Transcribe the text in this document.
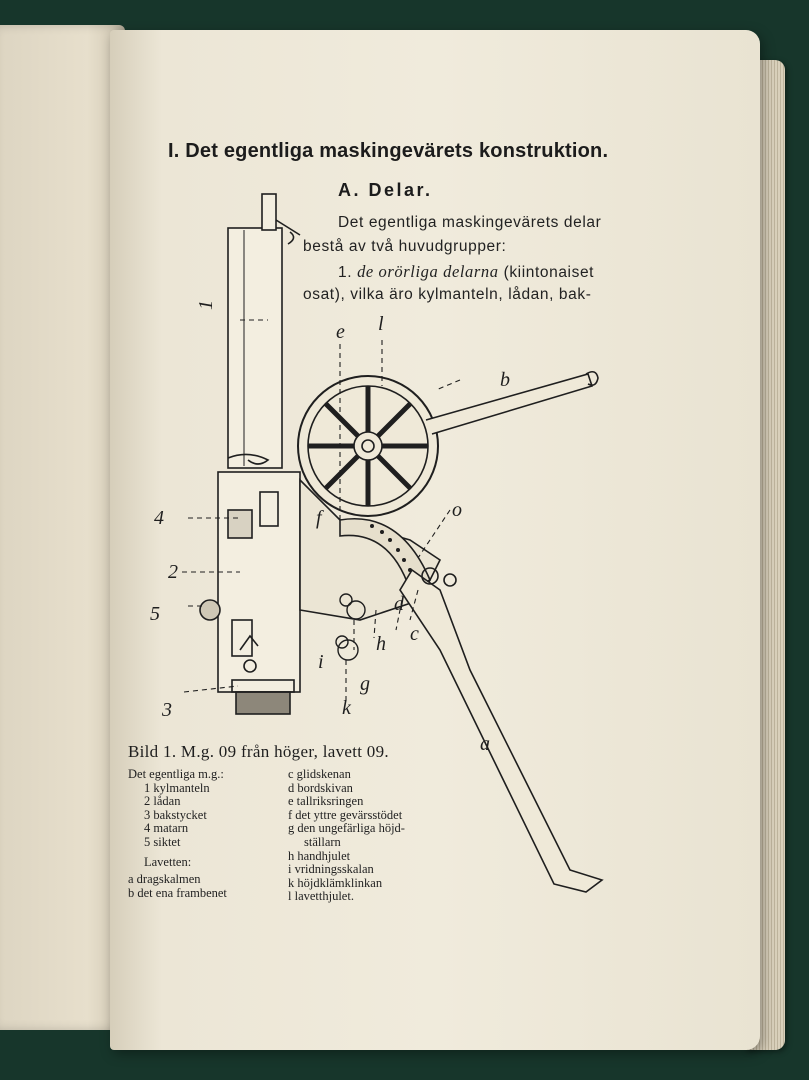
I. Det egentliga maskingevärets konstruktion.
A. Delar.
Det egentliga maskingevärets delar
bestå av två huvudgrupper:
1. de orörliga delarna (kiintonaiset
osat), vilka äro kylmanteln, lådan, bak-
1
4
2
5
3
e l
b
o
f
d
c
h
g
i
k
a
Bild 1. M.g. 09 från höger, lavett 09.
Det egentliga m.g.:
1 kylmanteln
2 lådan
3 bakstycket
4 matarn
5 siktet
Lavetten:
a dragskalmen
b det ena frambenet
c glidskenan
d bordskivan
e tallriksringen
f det yttre gevärsstödet
g den ungefärliga höjd-
ställarn
h handhjulet
i vridningsskalan
k höjdklämklinkan
l lavetthjulet.
